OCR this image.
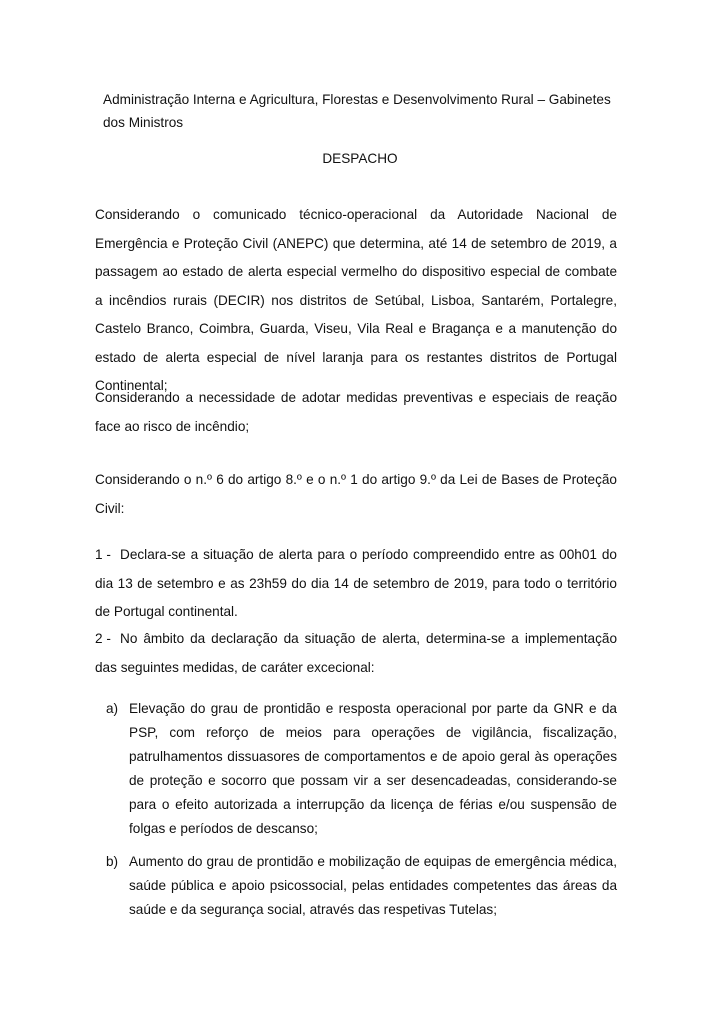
Administração Interna e Agricultura, Florestas e Desenvolvimento Rural – Gabinetes dos Ministros
DESPACHO

Considerando o comunicado técnico-operacional da Autoridade Nacional de Emergência e Proteção Civil (ANEPC) que determina, até 14 de setembro de 2019, a passagem ao estado de alerta especial vermelho do dispositivo especial de combate a incêndios rurais (DECIR) nos distritos de Setúbal, Lisboa, Santarém, Portalegre, Castelo Branco, Coimbra, Guarda, Viseu, Vila Real e Bragança e a manutenção do estado de alerta especial de nível laranja para os restantes distritos de Portugal Continental;

Considerando a necessidade de adotar medidas preventivas e especiais de reação face ao risco de incêndio;

Considerando o n.º 6 do artigo 8.º e o n.º 1 do artigo 9.º da Lei de Bases de Proteção Civil:

1 - Declara-se a situação de alerta para o período compreendido entre as 00h01 do dia 13 de setembro e as 23h59 do dia 14 de setembro de 2019, para todo o território de Portugal continental.
2 - No âmbito da declaração da situação de alerta, determina-se a implementação das seguintes medidas, de caráter excecional:
a) Elevação do grau de prontidão e resposta operacional por parte da GNR e da PSP, com reforço de meios para operações de vigilância, fiscalização, patrulhamentos dissuasores de comportamentos e de apoio geral às operações de proteção e socorro que possam vir a ser desencadeadas, considerando-se para o efeito autorizada a interrupção da licença de férias e/ou suspensão de folgas e períodos de descanso;
b) Aumento do grau de prontidão e mobilização de equipas de emergência médica, saúde pública e apoio psicossocial, pelas entidades competentes das áreas da saúde e da segurança social, através das respetivas Tutelas;
